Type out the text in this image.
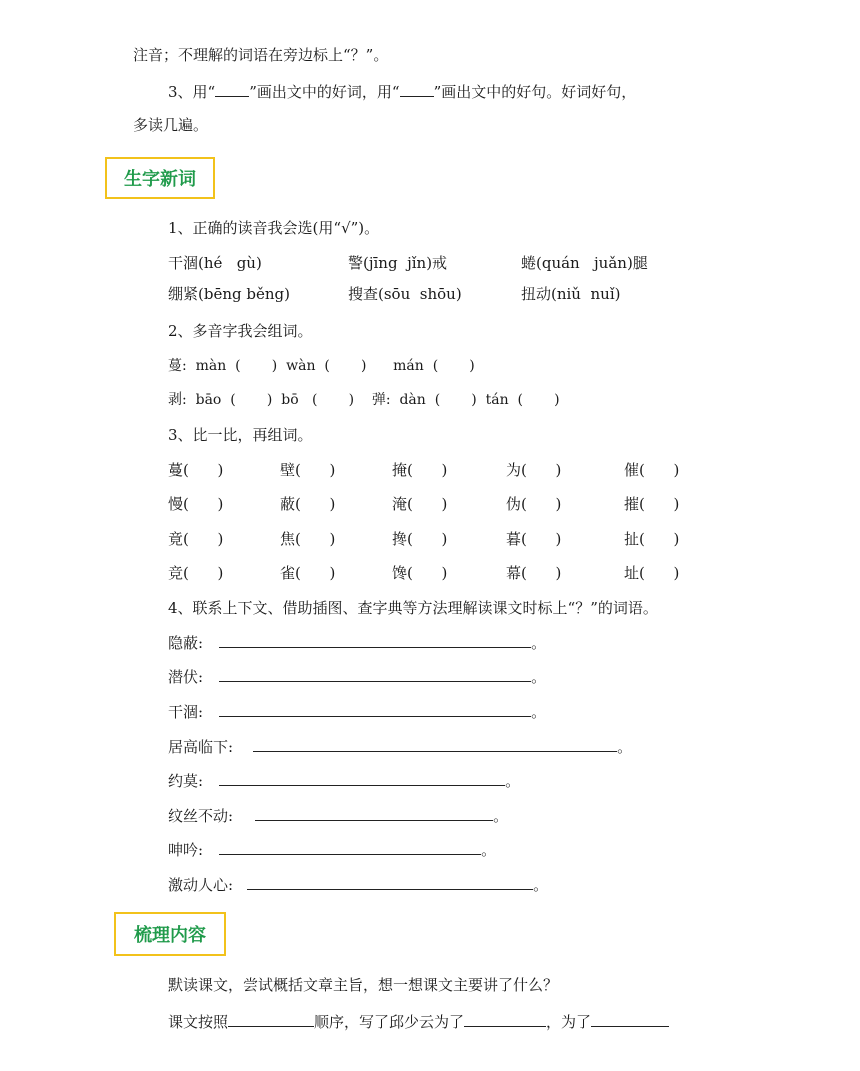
注音；不理解的词语在旁边标上“？”。
3、用“ ”画出文中的好词，用“ ”画出文中的好句。好词好句，
多读几遍。
生字新词
1、正确的读音我会选(用“√”)。
干涸(hé   gù)	警(jīng  jǐn)戒	蜷(quán   juǎn)腿
绷紧(bēng běng)	搜查(sōu  shōu)	扭动(niǔ  nuǐ)
2、多音字我会组词。
蔓:  màn  (       )  wàn  (       )      mán  (       )
剥:  bāo  (       )  bō   (       )    弹:  dàn  (       )  tán  (       )
3、比一比，再组词。
蔓(      )	壁(      )	掩(      )	为(      )	催(      )
慢(      )	蔽(      )	淹(      )	伪(      )	摧(      )
竟(      )	焦(      )	搀(      )	暮(      )	扯(      )
竞(      )	雀(      )	馋(      )	幕(      )	址(      )
4、联系上下文、借助插图、查字典等方法理解读课文时标上“？”的词语。
隐蔽:	。
潜伏:	。
干涸:	。
居高临下:	。
约莫:	。
纹丝不动:	。
呻吟:	。
激动人心:	。
梳理内容
默读课文，尝试概括文章主旨，想一想课文主要讲了什么？
课文按照	顺序，写了邱少云为了	，为了
